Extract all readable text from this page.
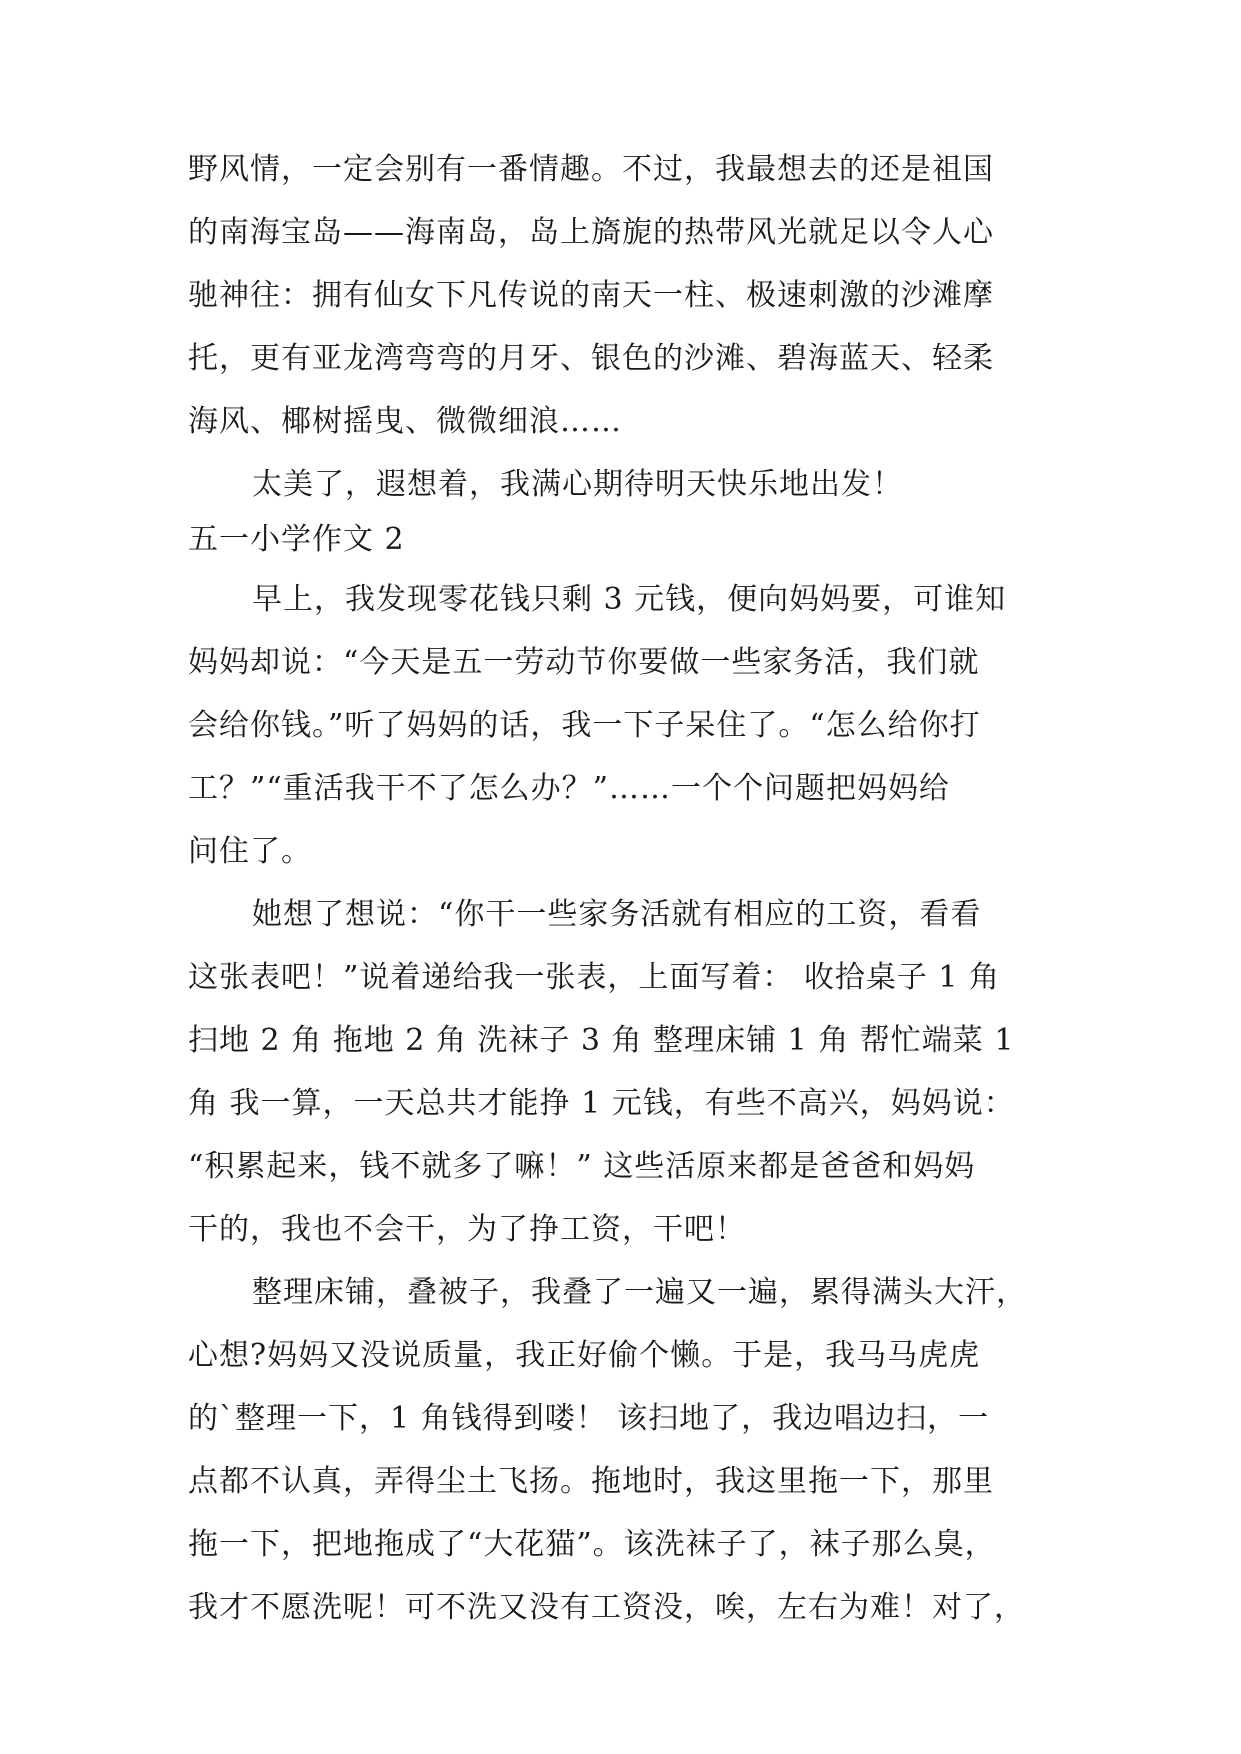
野风情，一定会别有一番情趣。不过，我最想去的还是祖国
的南海宝岛——海南岛，岛上旖旎的热带风光就足以令人心
驰神往：拥有仙女下凡传说的南天一柱、极速刺激的沙滩摩
托，更有亚龙湾弯弯的月牙、银色的沙滩、碧海蓝天、轻柔
海风、椰树摇曳、微微细浪……
太美了，遐想着，我满心期待明天快乐地出发！
五一小学作文 2
早上，我发现零花钱只剩 3 元钱，便向妈妈要，可谁知
妈妈却说：“今天是五一劳动节你要做一些家务活，我们就
会给你钱。”听了妈妈的话，我一下子呆住了。“怎么给你打
工？”“重活我干不了怎么办？”……一个个问题把妈妈给
问住了。
她想了想说：“你干一些家务活就有相应的工资，看看
这张表吧！”说着递给我一张表，上面写着： 收拾桌子 1 角
扫地 2 角 拖地 2 角 洗袜子 3 角 整理床铺 1 角 帮忙端菜 1
角 我一算，一天总共才能挣 1 元钱，有些不高兴，妈妈说：
“积累起来，钱不就多了嘛！” 这些活原来都是爸爸和妈妈
干的，我也不会干，为了挣工资，干吧！
整理床铺，叠被子，我叠了一遍又一遍，累得满头大汗，
心想?妈妈又没说质量，我正好偷个懒。于是，我马马虎虎
的`整理一下，1 角钱得到喽！ 该扫地了，我边唱边扫，一
点都不认真，弄得尘土飞扬。拖地时，我这里拖一下，那里
拖一下，把地拖成了“大花猫”。该洗袜子了，袜子那么臭，
我才不愿洗呢！可不洗又没有工资没，唉，左右为难！对了，
